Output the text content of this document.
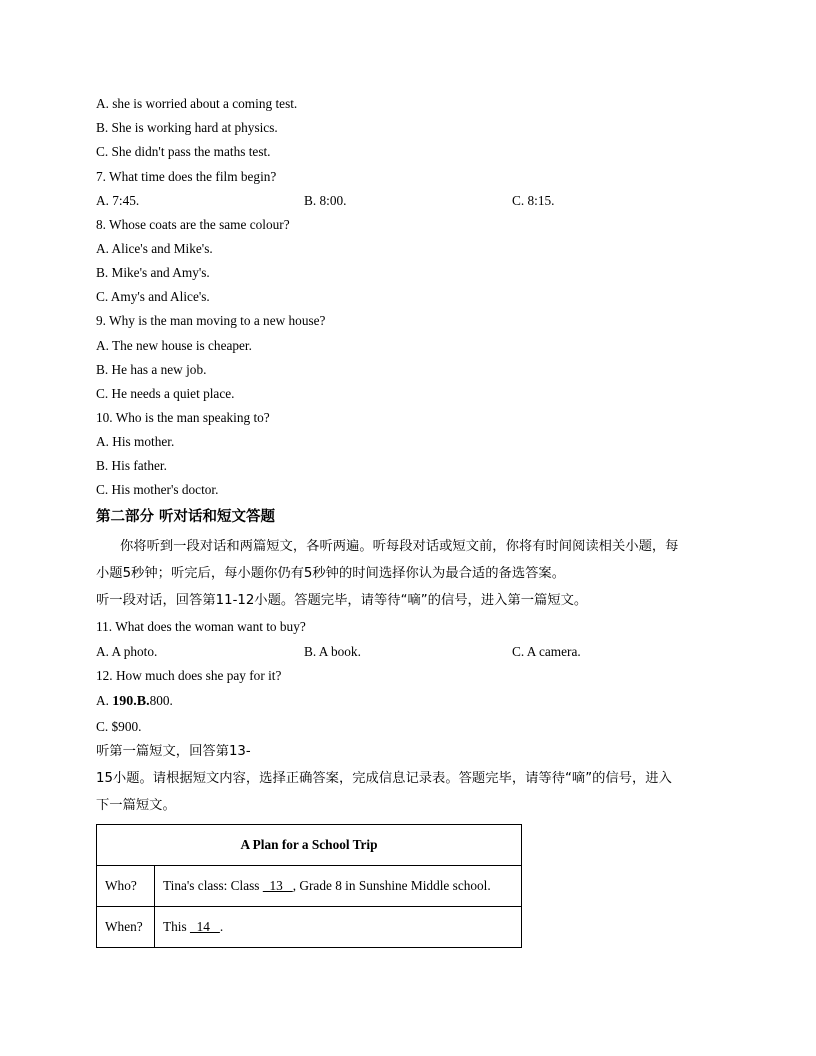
A. she is worried about a coming test.
B. She is working hard at physics.
C. She didn't pass the maths test.
7. What time does the film begin?
A. 7:45.	B. 8:00.	C. 8:15.
8. Whose coats are the same colour?
A. Alice's and Mike's.
B. Mike's and Amy's.
C. Amy's and Alice's.
9. Why is the man moving to a new house?
A. The new house is cheaper.
B. He has a new job.
C. He needs a quiet place.
10. Who is the man speaking to?
A. His mother.
B. His father.
C. His mother's doctor.
第二部分 听对话和短文答题
你将听到一段对话和两篇短文，各听两遍。听每段对话或短文前，你将有时间阅读相关小题，每
小题5秒钟；听完后，每小题你仍有5秒钟的时间选择你认为最合适的备选答案。
听一段对话，回答第11-12小题。答题完毕，请等待“嘀”的信号，进入第一篇短文。
11. What does the woman want to buy?
A. A photo.	B. A book.	C. A camera.
12. How much does she pay for it?
A. 190.B.800.
C. $900.
听第一篇短文，回答第13-
15小题。请根据短文内容，选择正确答案，完成信息记录表。答题完毕，请等待“嘀”的信号，进入
下一篇短文。
A Plan for a School Trip	
Who?	Tina's class: Class   13   , Grade 8 in Sunshine Middle school.
When?	This   14   .
